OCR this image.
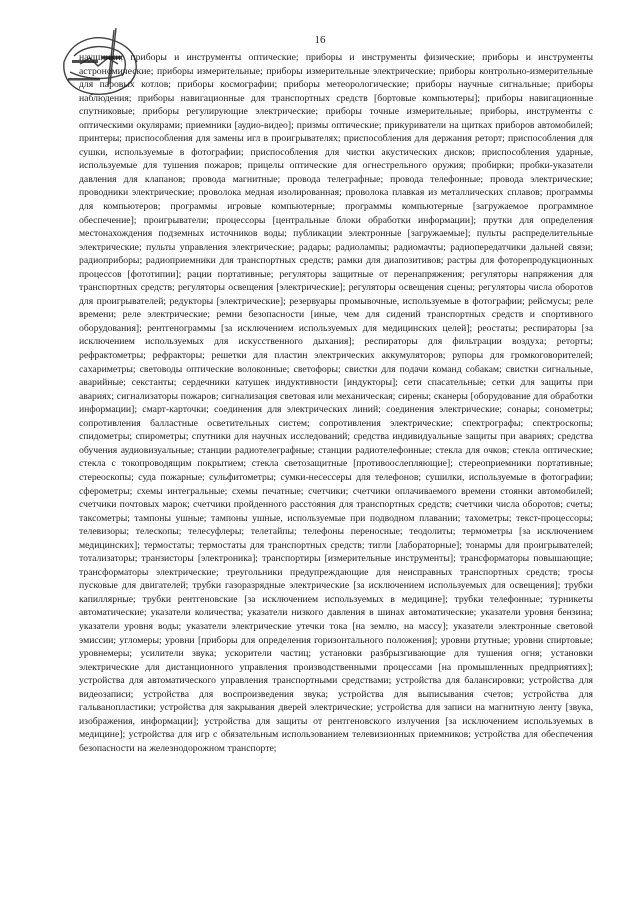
16

наушники; приборы и инструменты оптические; приборы и инструменты физические; приборы и инструменты астрономические; приборы измерительные; приборы измерительные электрические; приборы контрольно-измерительные для паровых котлов; приборы космографии; приборы метеорологические; приборы научные сигнальные; приборы наблюдения; приборы навигационные для транспортных средств [бортовые компьютеры]; приборы навигационные спутниковые; приборы регулирующие электрические; приборы точные измерительные; приборы, инструменты с оптическими окулярами; приемники [аудио-видео]; призмы оптические; прикуриватели на щитках приборов автомобилей; принтеры; приспособления для замены игл в проигрывателях; приспособления для держания реторт; приспособления для сушки, используемые в фотографии; приспособления для чистки акустических дисков; приспособления ударные, используемые для тушения пожаров; прицелы оптические для огнестрельного оружия; пробирки; пробки-указатели давления для клапанов; провода магнитные; провода телеграфные; провода телефонные; провода электрические; проводники электрические; проволока медная изолированная; проволока плавкая из металлических сплавов; программы для компьютеров; программы игровые компьютерные; программы компьютерные [загружаемое программное обеспечение]; проигрыватели; процессоры [центральные блоки обработки информации]; прутки для определения местонахождения подземных источников воды; публикации электронные [загружаемые]; пульты распределительные электрические; пульты управления электрические; радары; радиолампы; радиомачты; радиопередатчики дальней связи; радиоприборы; радиоприемники для транспортных средств; рамки для диапозитивов; растры для фоторепродукционных процессов [фототипии]; рации портативные; регуляторы защитные от перенапряжения; регуляторы напряжения для транспортных средств; регуляторы освещения [электрические]; регуляторы освещения сцены; регуляторы числа оборотов для проигрывателей; редукторы [электрические]; резервуары промывочные, используемые в фотографии; рейсмусы; реле времени; реле электрические; ремни безопасности [иные, чем для сидений транспортных средств и спортивного оборудования]; рентгенограммы [за исключением используемых для медицинских целей]; реостаты; респираторы [за исключением используемых для искусственного дыхания]; респираторы для фильтрации воздуха; реторты; рефрактометры; рефракторы; решетки для пластин электрических аккумуляторов; рупоры для громкоговорителей; сахариметры; световоды оптические волоконные; светофоры; свистки для подачи команд собакам; свистки сигнальные, аварийные; секстанты; сердечники катушек индуктивности [индукторы]; сети спасательные; сетки для защиты при авариях; сигнализаторы пожаров; сигнализация световая или механическая; сирены; сканеры [оборудование для обработки информации]; смарт-карточки; соединения для электрических линий; соединения электрические; сонары; сонометры; сопротивления балластные осветительных систем; сопротивления электрические; спектрографы; спектроскопы; спидометры; спирометры; спутники для научных исследований; средства индивидуальные защиты при авариях; средства обучения аудиовизуальные; станции радиотелеграфные; станции радиотелефонные; стекла для очков; стекла оптические; стекла с токопроводящим покрытием; стекла светозащитные [противоослепляющие]; стереоприемники портативные; стереоскопы; суда пожарные; сульфитометры; сумки-несессеры для телефонов; сушилки, используемые в фотографии; сферометры; схемы интегральные; схемы печатные; счетчики; счетчики оплачиваемого времени стоянки автомобилей; счетчики почтовых марок; счетчики пройденного расстояния для транспортных средств; счетчики числа оборотов; счеты; таксометры; тампоны ушные; тампоны ушные, используемые при подводном плавании; тахометры; текст-процессоры; телевизоры; телескопы; телесуфлеры; телетайпы; телефоны переносные; теодолиты; термометры [за исключением медицинских]; термостаты; термостаты для транспортных средств; тигли [лабораторные]; тонармы для проигрывателей; тотализаторы; транзисторы [электроника]; транспортиры [измерительные инструменты]; трансформаторы повышающие; трансформаторы электрические; треугольники предупреждающие для неисправных транспортных средств; тросы пусковые для двигателей; трубки газоразрядные электрические [за исключением используемых для освещения]; трубки капиллярные; трубки рентгеновские [за исключением используемых в медицине]; трубки телефонные; турникеты автоматические; указатели количества; указатели низкого давления в шинах автоматические; указатели уровня бензина; указатели уровня воды; указатели электрические утечки тока [на землю, на массу]; указатели электронные световой эмиссии; угломеры; уровни [приборы для определения горизонтального положения]; уровни ртутные; уровни спиртовые; уровнемеры; усилители звука; ускорители частиц; установки разбрызгивающие для тушения огня; установки электрические для дистанционного управления производственными процессами [на промышленных предприятиях]; устройства для автоматического управления транспортными средствами; устройства для балансировки; устройства для видеозаписи; устройства для воспроизведения звука; устройства для выписывания счетов; устройства для гальванопластики; устройства для закрывания дверей электрические; устройства для записи на магнитную ленту [звука, изображения, информации]; устройства для защиты от рентгеновского излучения [за исключением используемых в медицине]; устройства для игр с обязательным использованием телевизионных приемников; устройства для обеспечения безопасности на железнодорожном транспорте;
